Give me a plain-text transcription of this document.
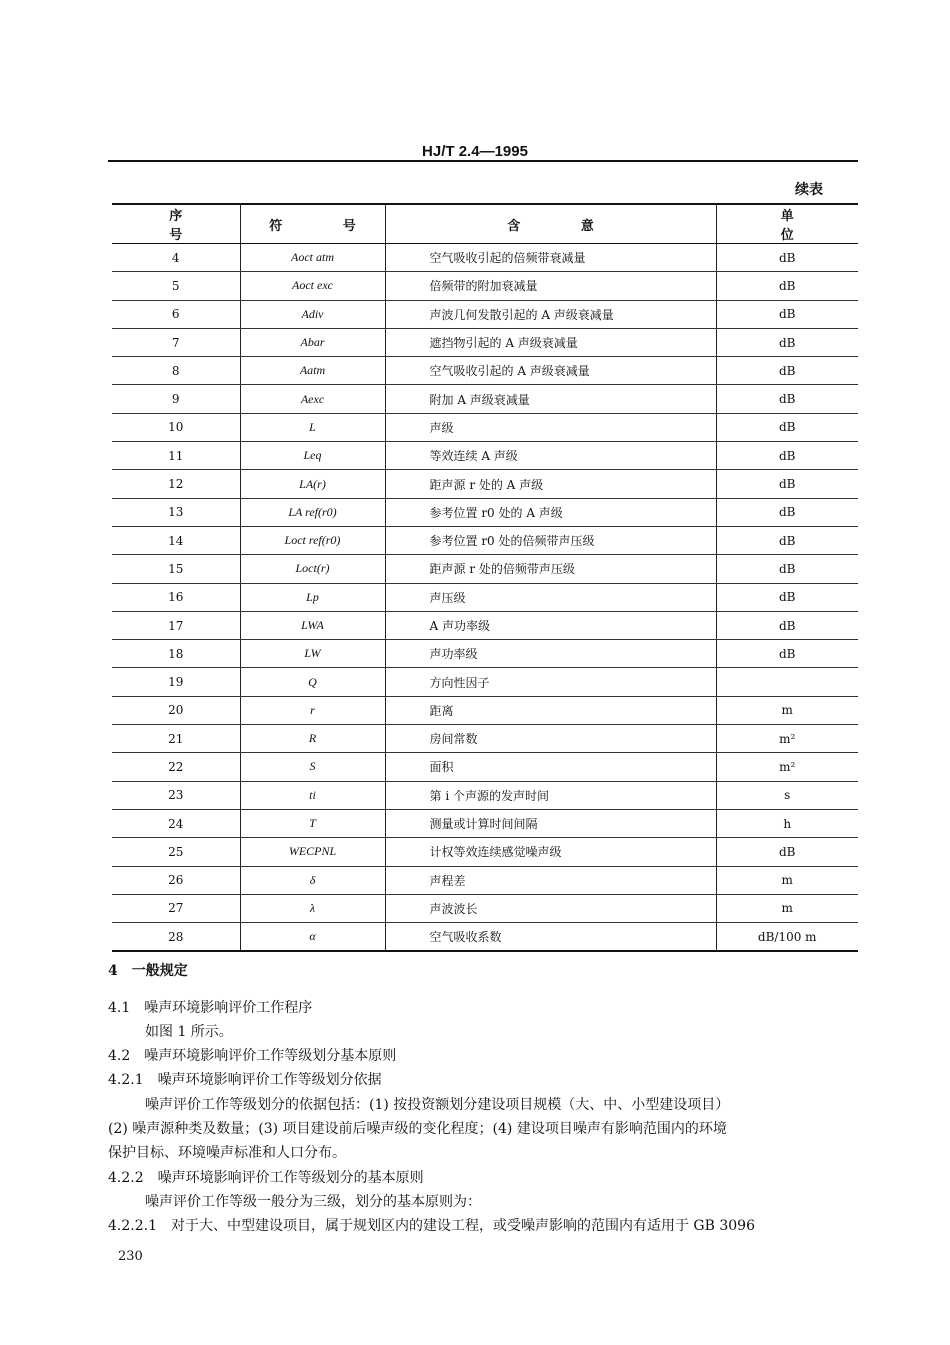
HJ/T 2.4—1995
续表
序 号	符 号	含 意	单 位
4	Aoct atm	空气吸收引起的倍频带衰减量	dB
5	Aoct exc	倍频带的附加衰减量	dB
6	Adiv	声波几何发散引起的 A 声级衰减量	dB
7	Abar	遮挡物引起的 A 声级衰减量	dB
8	Aatm	空气吸收引起的 A 声级衰减量	dB
9	Aexc	附加 A 声级衰减量	dB
10	L	声级	dB
11	Leq	等效连续 A 声级	dB
12	LA(r)	距声源 r 处的 A 声级	dB
13	LA ref(r0)	参考位置 r0 处的 A 声级	dB
14	Loct ref(r0)	参考位置 r0 处的倍频带声压级	dB
15	Loct(r)	距声源 r 处的倍频带声压级	dB
16	Lp	声压级	dB
17	LWA	A 声功率级	dB
18	LW	声功率级	dB
19	Q	方向性因子	
20	r	距离	m
21	R	房间常数	m²
22	S	面积	m²
23	ti	第 i 个声源的发声时间	s
24	T	测量或计算时间间隔	h
25	WECPNL	计权等效连续感觉噪声级	dB
26	δ	声程差	m
27	λ	声波波长	m
28	α	空气吸收系数	dB/100 m
4　一般规定
4.1　噪声环境影响评价工作程序
如图 1 所示。
4.2　噪声环境影响评价工作等级划分基本原则
4.2.1　噪声环境影响评价工作等级划分依据
噪声评价工作等级划分的依据包括：(1) 按投资额划分建设项目规模（大、中、小型建设项目）
(2) 噪声源种类及数量；(3) 项目建设前后噪声级的变化程度；(4) 建设项目噪声有影响范围内的环境
保护目标、环境噪声标准和人口分布。
4.2.2　噪声环境影响评价工作等级划分的基本原则
噪声评价工作等级一般分为三级，划分的基本原则为：
4.2.2.1　对于大、中型建设项目，属于规划区内的建设工程，或受噪声影响的范围内有适用于 GB 3096
230
